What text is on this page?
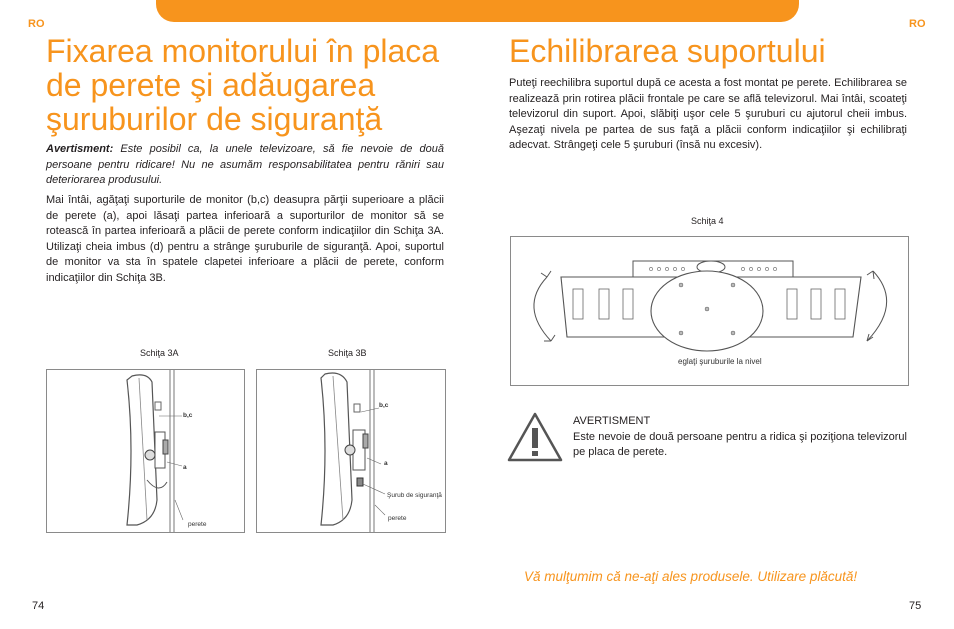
RO	RO
Fixarea monitorului în placa
de perete şi adăugarea
şuruburilor de siguranţă

Avertisment: Este posibil ca, la unele televizoare, să fie nevoie de două persoane pentru ridicare! Nu ne asumăm responsabilitatea pentru răniri sau deteriorarea produsului.

Mai întâi, agăţaţi suporturile de monitor (b,c) deasupra părţii superioare a plăcii de perete (a), apoi lăsaţi partea inferioară a suporturilor de monitor să se rotească în partea inferioară a plăcii de perete conform indicaţiilor din Schiţa 3A. Utilizaţi cheia imbus (d) pentru a strânge şuruburile de siguranţă. Apoi, suportul de monitor va sta în spatele clapetei inferioare a plăcii de perete, conform indicaţiilor din Schiţa 3B.

Schiţa 3A	Schiţa 3B
b,c
a
perete
b,c
a
Şurub de siguranţă
perete
74
Echilibrarea suportului

Puteţi reechilibra suportul după ce acesta a fost montat pe perete. Echilibrarea se realizează prin rotirea plăcii frontale pe care se află televizorul. Mai întâi, scoateţi televizorul din suport. Apoi, slăbiţi uşor cele 5 şuruburi cu ajutorul cheii imbus. Aşezaţi nivela pe partea de sus faţă a plăcii conform indicaţiilor şi echilibraţi adecvat. Strângeţi cele 5 şuruburi (însă nu excesiv).

Schiţa 4
eglaţi şuruburile la nivel
AVERTISMENT
Este nevoie de două persoane pentru a ridica şi poziţiona televizorul pe placa de perete.
Vă mulţumim că ne-aţi ales produsele. Utilizare plăcută!
75
